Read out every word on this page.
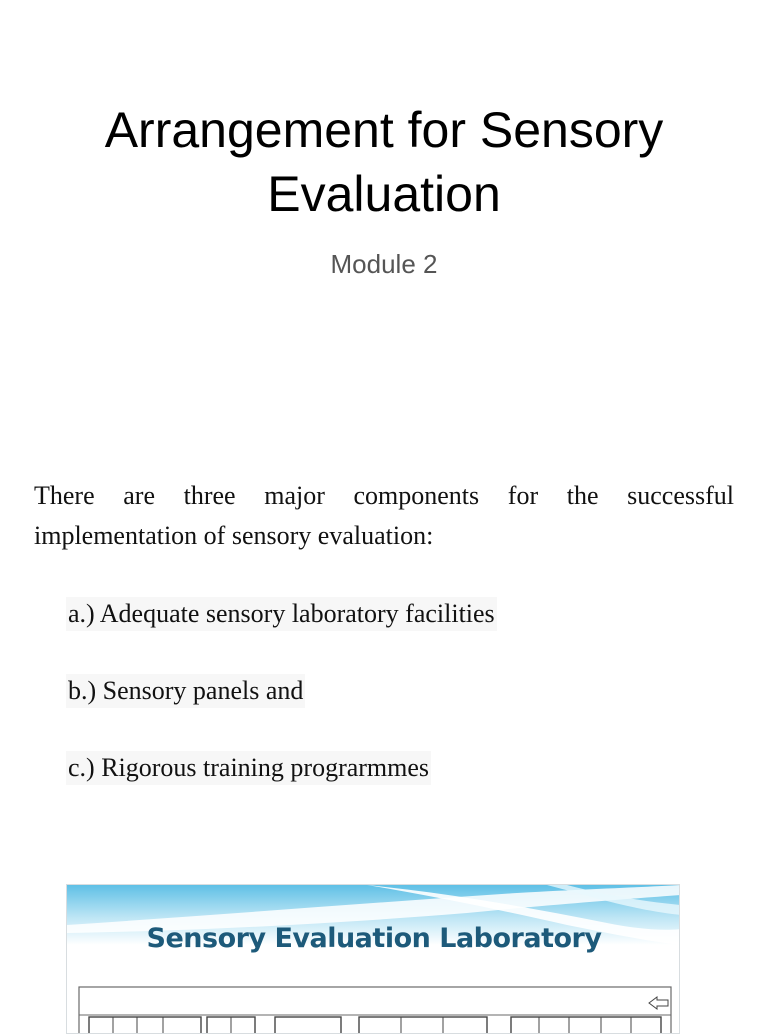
Arrangement for Sensory Evaluation
Module 2
There are three major components for the successful implementation of sensory evaluation:
a.) Adequate sensory laboratory facilities
b.) Sensory panels and
c.) Rigorous training prograrmmes
Sensory Evaluation Laboratory
